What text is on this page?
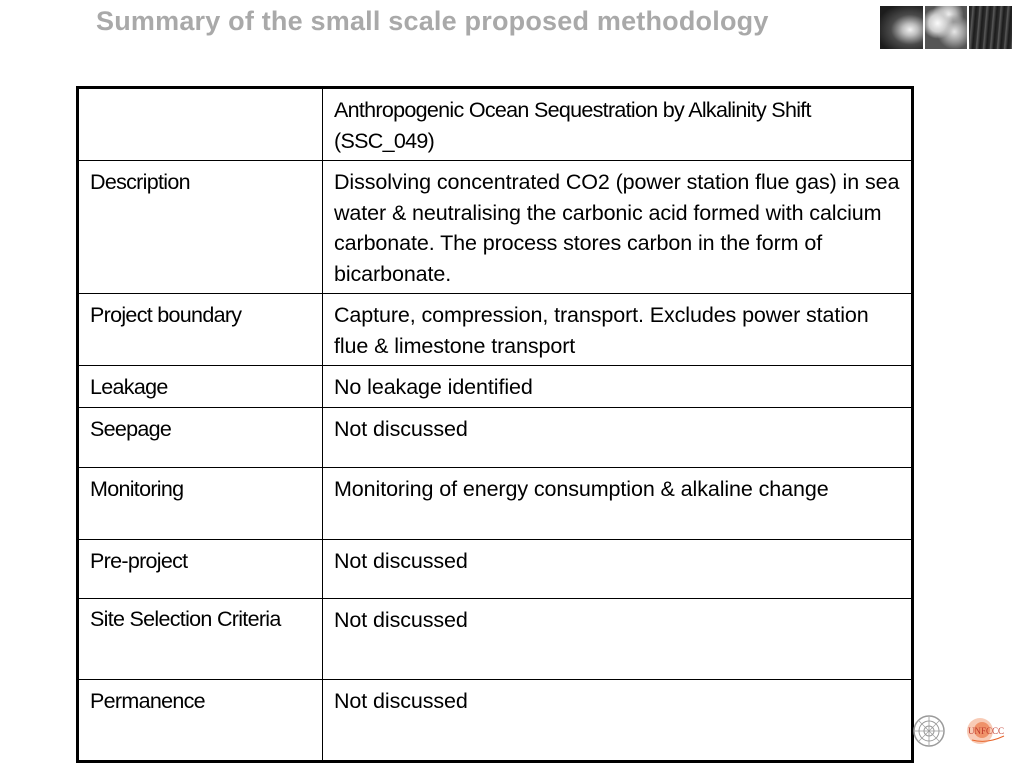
Summary of the small scale proposed methodology
	Anthropogenic Ocean Sequestration by Alkalinity Shift (SSC_049)
Description	Dissolving concentrated CO2 (power station flue gas) in sea water & neutralising the carbonic acid formed with calcium carbonate. The process stores carbon in the form of bicarbonate.
Project boundary	Capture, compression, transport. Excludes power station flue & limestone transport
Leakage	No leakage identified
Seepage	Not discussed
Monitoring	Monitoring of energy consumption & alkaline change
Pre-project	Not discussed
Site Selection Criteria	Not discussed
Permanence	Not discussed
UNFCCC
